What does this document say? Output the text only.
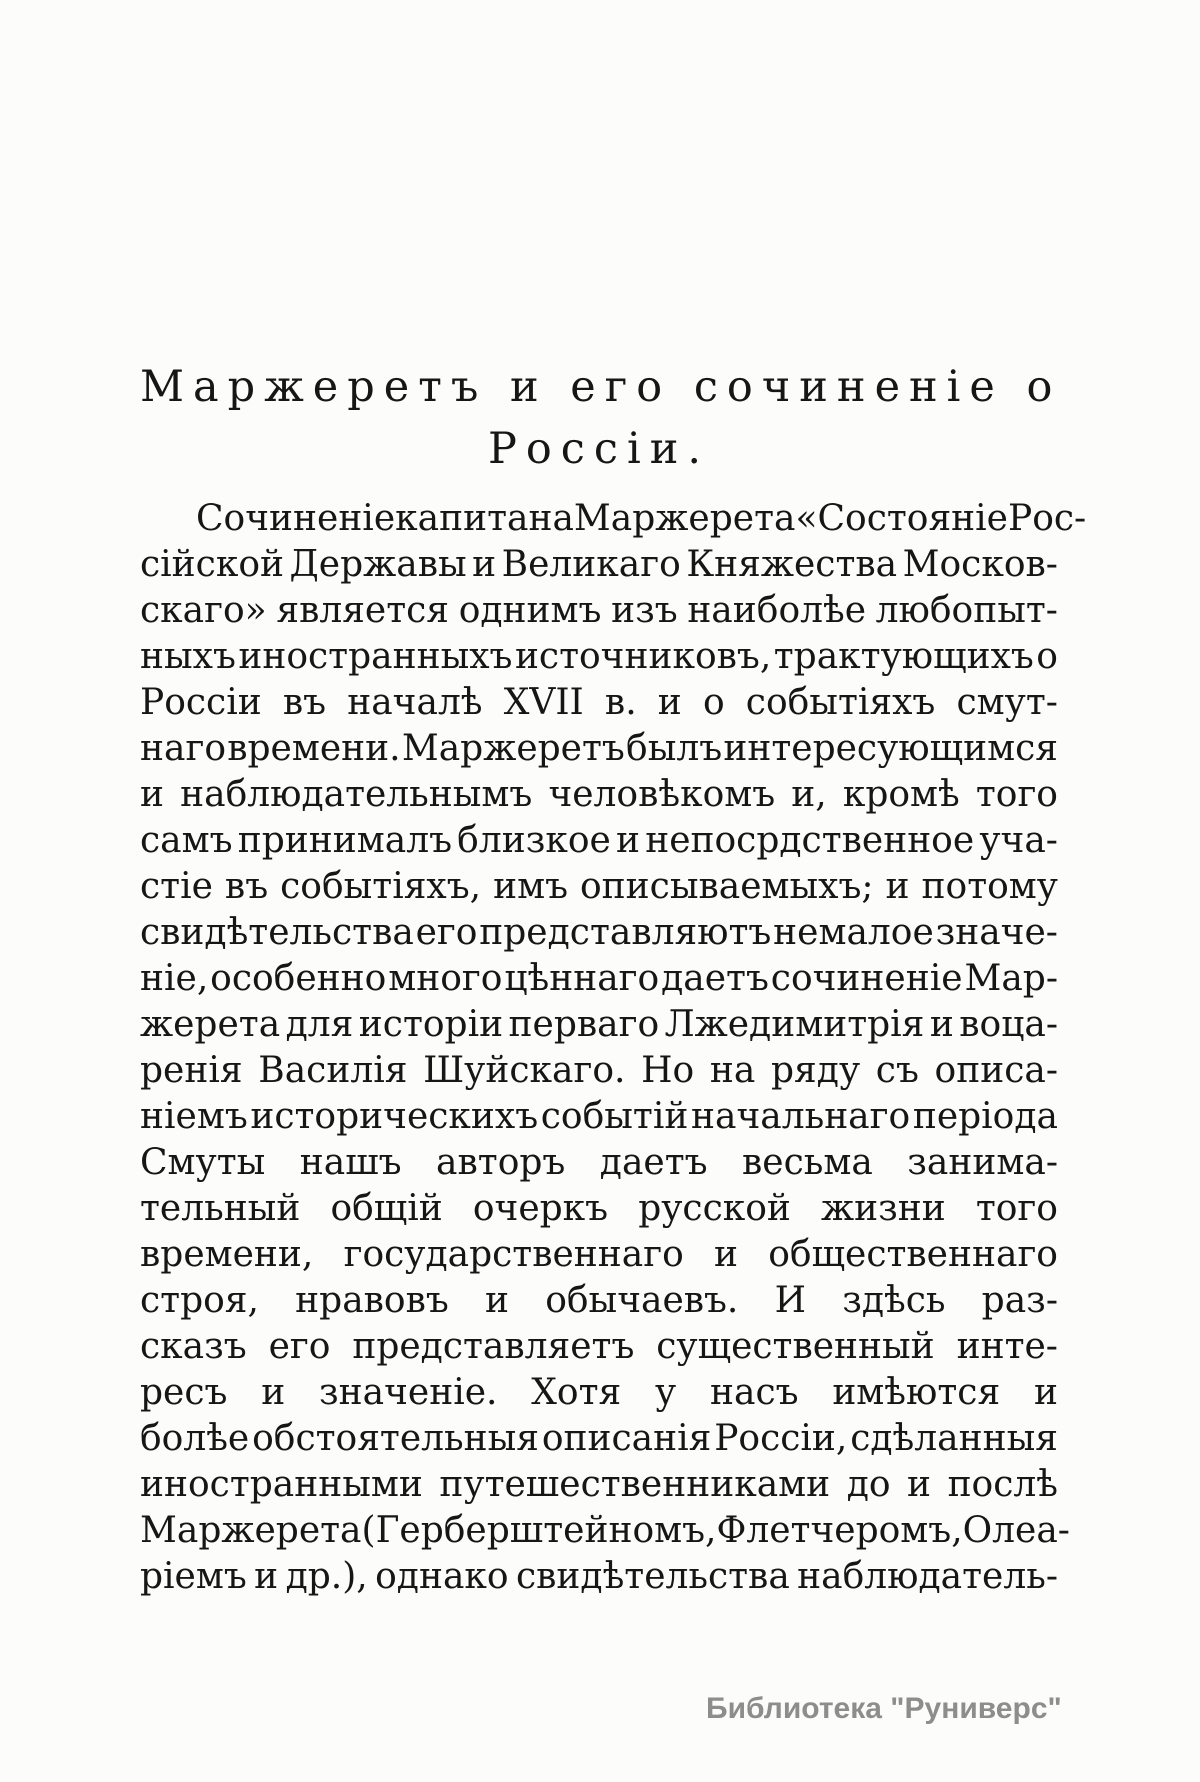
Маржеретъ и его сочиненіе о
Россіи.
Сочиненіе капитана Маржерета «Состояніе Рос-
сійской Державы и Великаго Княжества Москов-
скаго» является однимъ изъ наиболѣе любопыт-
ныхъ иностранныхъ источниковъ, трактующихъ о
Россіи въ началѣ XVII в. и о событіяхъ смут-
наго времени. Маржеретъ былъ интересующимся
и наблюдательнымъ человѣкомъ и, кромѣ того
самъ принималъ близкое и непосрдственное уча-
стіе въ событіяхъ, имъ описываемыхъ; и потому
свидѣтельства его представляютъ немалое значе-
ніе, особенно много цѣннаго даетъ сочиненіе Мар-
жерета для исторіи перваго Лжедимитрія и воца-
ренія Василія Шуйскаго. Но на ряду съ описа-
ніемъ историческихъ событій начальнаго періода
Смуты нашъ авторъ даетъ весьма занима-
тельный общій очеркъ русской жизни того
времени, государственнаго и общественнаго
строя, нравовъ и обычаевъ. И здѣсь раз-
сказъ его представляетъ существенный инте-
ресъ и значеніе. Хотя у насъ имѣются и
болѣе обстоятельныя описанія Россіи, сдѣланныя
иностранными путешественниками до и послѣ
Маржерета (Герберштейномъ, Флетчеромъ, Олеа-
ріемъ и др.), однако свидѣтельства наблюдатель-
Библиотека "Руниверс"
